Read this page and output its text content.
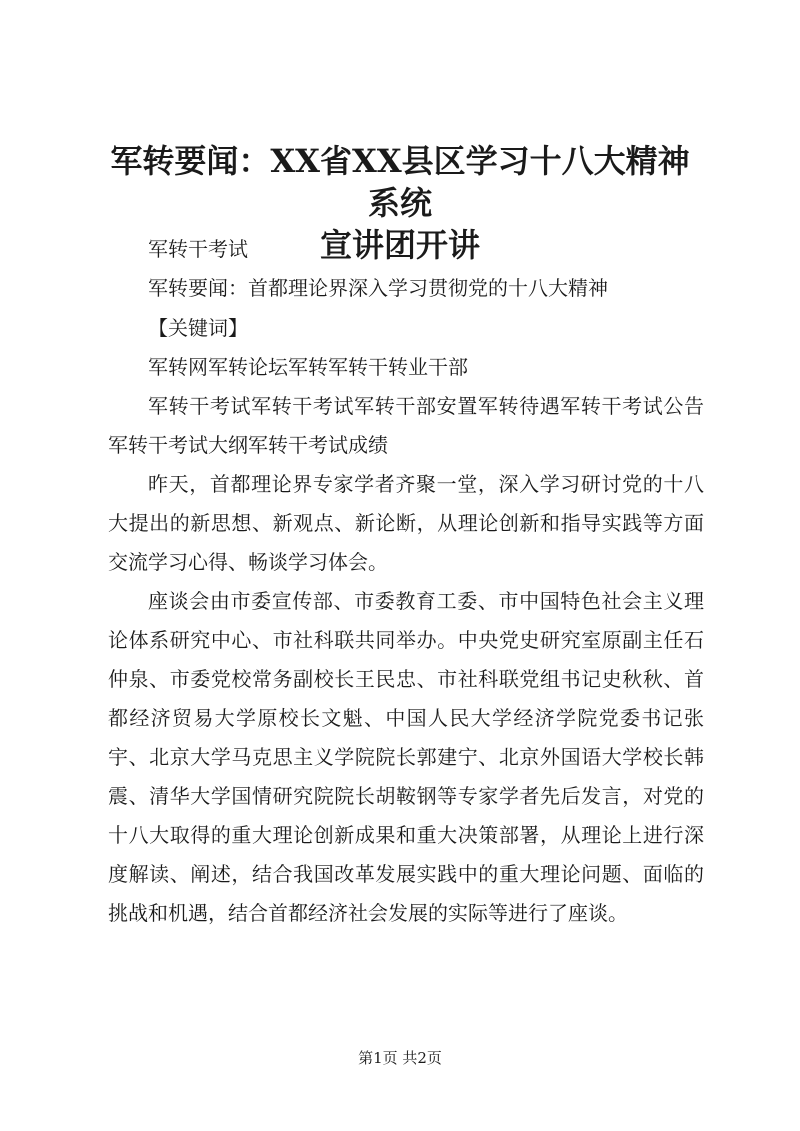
军转要闻：XX省XX县区学习十八大精神系统
宣讲团开讲

军转干考试

军转要闻：首都理论界深入学习贯彻党的十八大精神

【关键词】

军转网军转论坛军转军转干转业干部

军转干考试军转干考试军转干部安置军转待遇军转干考试公告军转干考试大纲军转干考试成绩

昨天，首都理论界专家学者齐聚一堂，深入学习研讨党的十八大提出的新思想、新观点、新论断，从理论创新和指导实践等方面交流学习心得、畅谈学习体会。

座谈会由市委宣传部、市委教育工委、市中国特色社会主义理论体系研究中心、市社科联共同举办。中央党史研究室原副主任石仲泉、市委党校常务副校长王民忠、市社科联党组书记史秋秋、首都经济贸易大学原校长文魁、中国人民大学经济学院党委书记张宇、北京大学马克思主义学院院长郭建宁、北京外国语大学校长韩震、清华大学国情研究院院长胡鞍钢等专家学者先后发言，对党的十八大取得的重大理论创新成果和重大决策部署，从理论上进行深度解读、阐述，结合我国改革发展实践中的重大理论问题、面临的挑战和机遇，结合首都经济社会发展的实际等进行了座谈。

第1页 共2页
